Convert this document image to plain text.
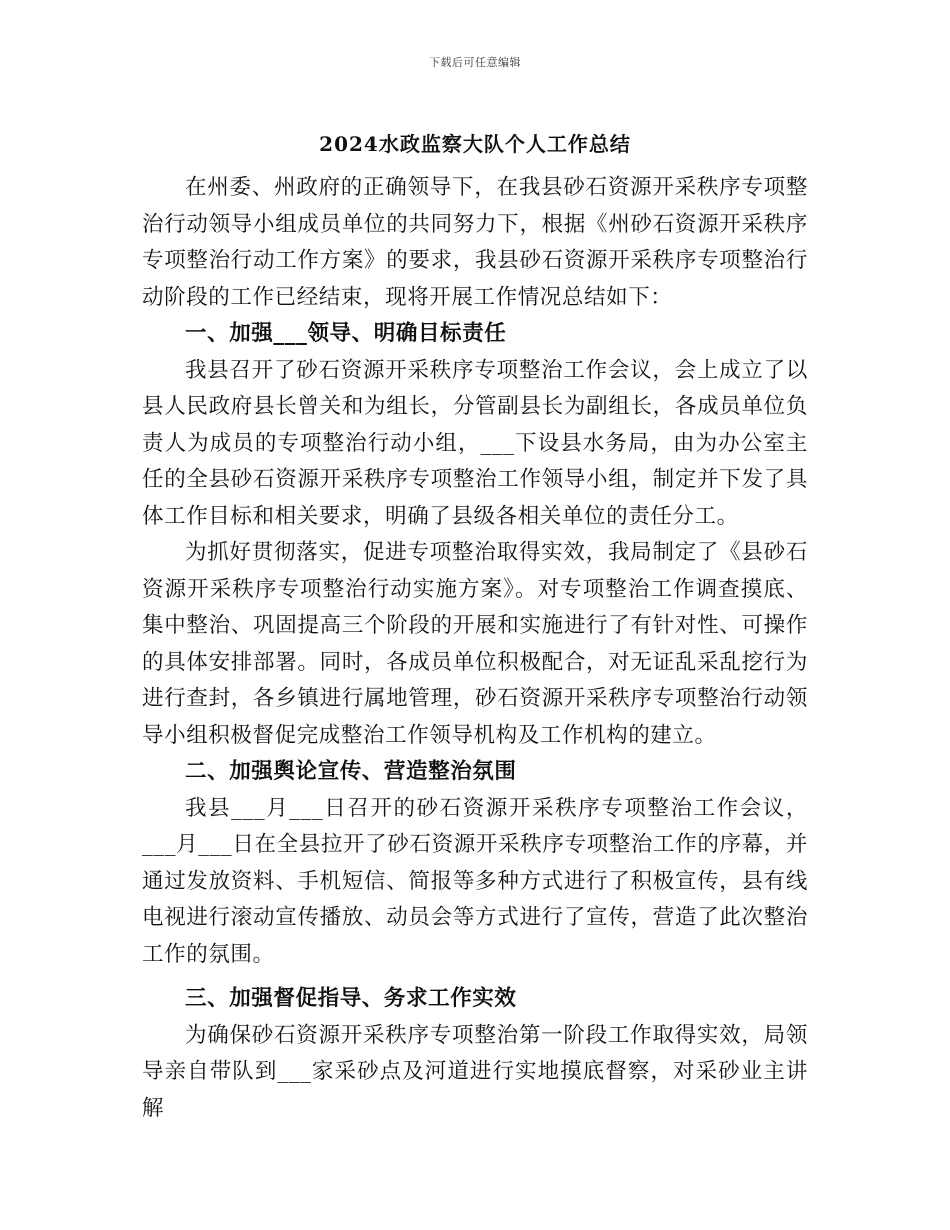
下载后可任意编辑
2024水政监察大队个人工作总结

在州委、州政府的正确领导下，在我县砂石资源开采秩序专项整治行动领导小组成员单位的共同努力下，根据《州砂石资源开采秩序专项整治行动工作方案》的要求，我县砂石资源开采秩序专项整治行动阶段的工作已经结束，现将开展工作情况总结如下：

一、加强___领导、明确目标责任

我县召开了砂石资源开采秩序专项整治工作会议，会上成立了以县人民政府县长曾关和为组长，分管副县长为副组长，各成员单位负责人为成员的专项整治行动小组，___下设县水务局，由为办公室主任的全县砂石资源开采秩序专项整治工作领导小组，制定并下发了具体工作目标和相关要求，明确了县级各相关单位的责任分工。

为抓好贯彻落实，促进专项整治取得实效，我局制定了《县砂石资源开采秩序专项整治行动实施方案》。对专项整治工作调查摸底、集中整治、巩固提高三个阶段的开展和实施进行了有针对性、可操作的具体安排部署。同时，各成员单位积极配合，对无证乱采乱挖行为进行查封，各乡镇进行属地管理，砂石资源开采秩序专项整治行动领导小组积极督促完成整治工作领导机构及工作机构的建立。

二、加强舆论宣传、营造整治氛围

我县___月___日召开的砂石资源开采秩序专项整治工作会议，___月___日在全县拉开了砂石资源开采秩序专项整治工作的序幕，并通过发放资料、手机短信、简报等多种方式进行了积极宣传，县有线电视进行滚动宣传播放、动员会等方式进行了宣传，营造了此次整治工作的氛围。

三、加强督促指导、务求工作实效

为确保砂石资源开采秩序专项整治第一阶段工作取得实效，局领导亲自带队到___家采砂点及河道进行实地摸底督察，对采砂业主讲解
